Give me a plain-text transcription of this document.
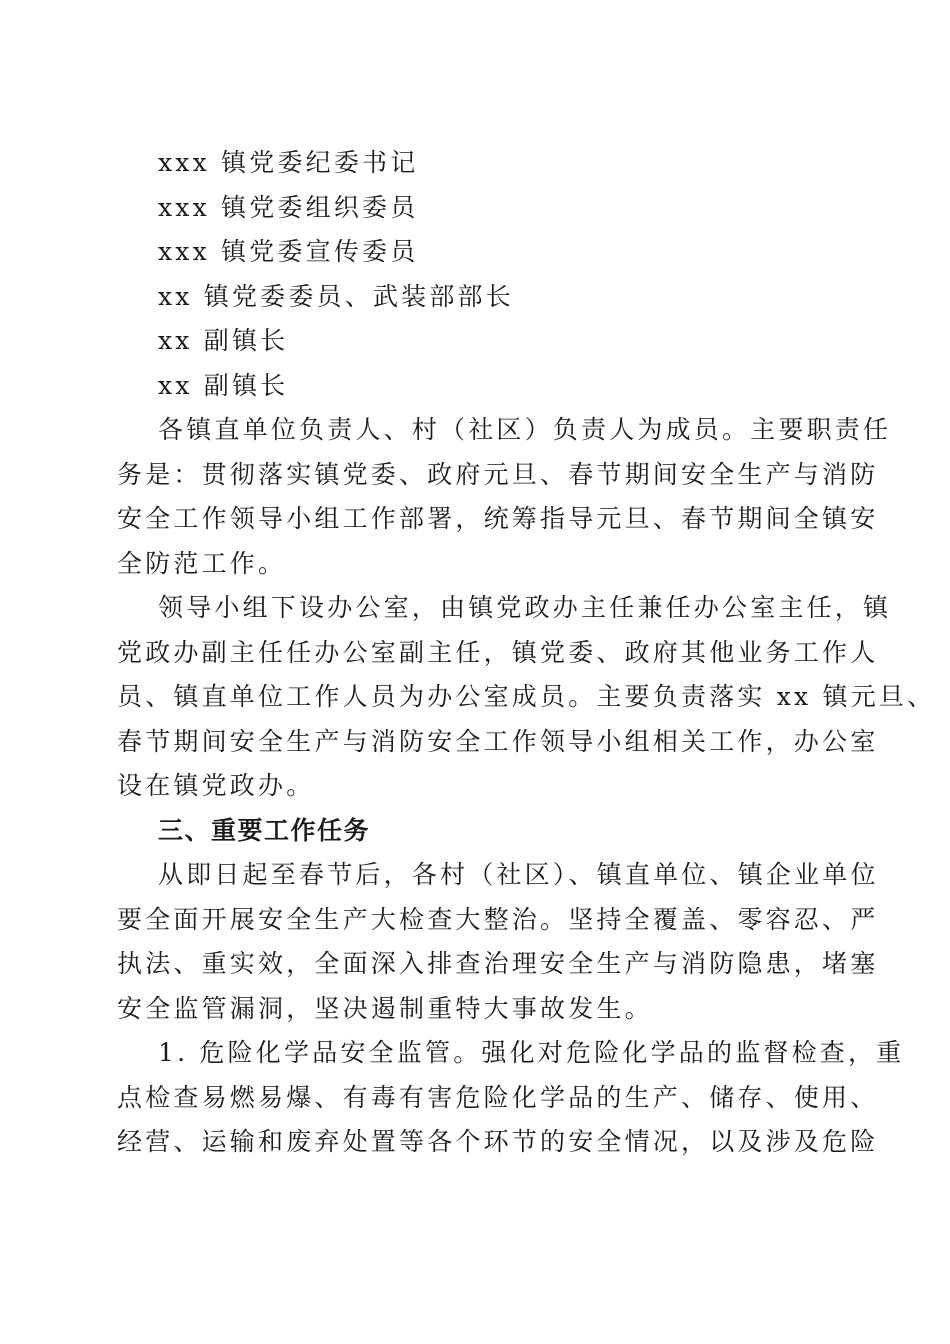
xxx 镇党委纪委书记
xxx 镇党委组织委员
xxx 镇党委宣传委员
xx 镇党委委员、武装部部长
xx 副镇长
xx 副镇长
各镇直单位负责人、村（社区）负责人为成员。主要职责任
务是：贯彻落实镇党委、政府元旦、春节期间安全生产与消防
安全工作领导小组工作部署，统筹指导元旦、春节期间全镇安
全防范工作。
领导小组下设办公室，由镇党政办主任兼任办公室主任，镇
党政办副主任任办公室副主任，镇党委、政府其他业务工作人
员、镇直单位工作人员为办公室成员。主要负责落实 xx 镇元旦、
春节期间安全生产与消防安全工作领导小组相关工作，办公室
设在镇党政办。
三、重要工作任务
从即日起至春节后，各村（社区）、镇直单位、镇企业单位
要全面开展安全生产大检查大整治。坚持全覆盖、零容忍、严
执法、重实效，全面深入排查治理安全生产与消防隐患，堵塞
安全监管漏洞，坚决遏制重特大事故发生。
1. 危险化学品安全监管。强化对危险化学品的监督检查，重
点检查易燃易爆、有毒有害危险化学品的生产、储存、使用、
经营、运输和废弃处置等各个环节的安全情况，以及涉及危险
